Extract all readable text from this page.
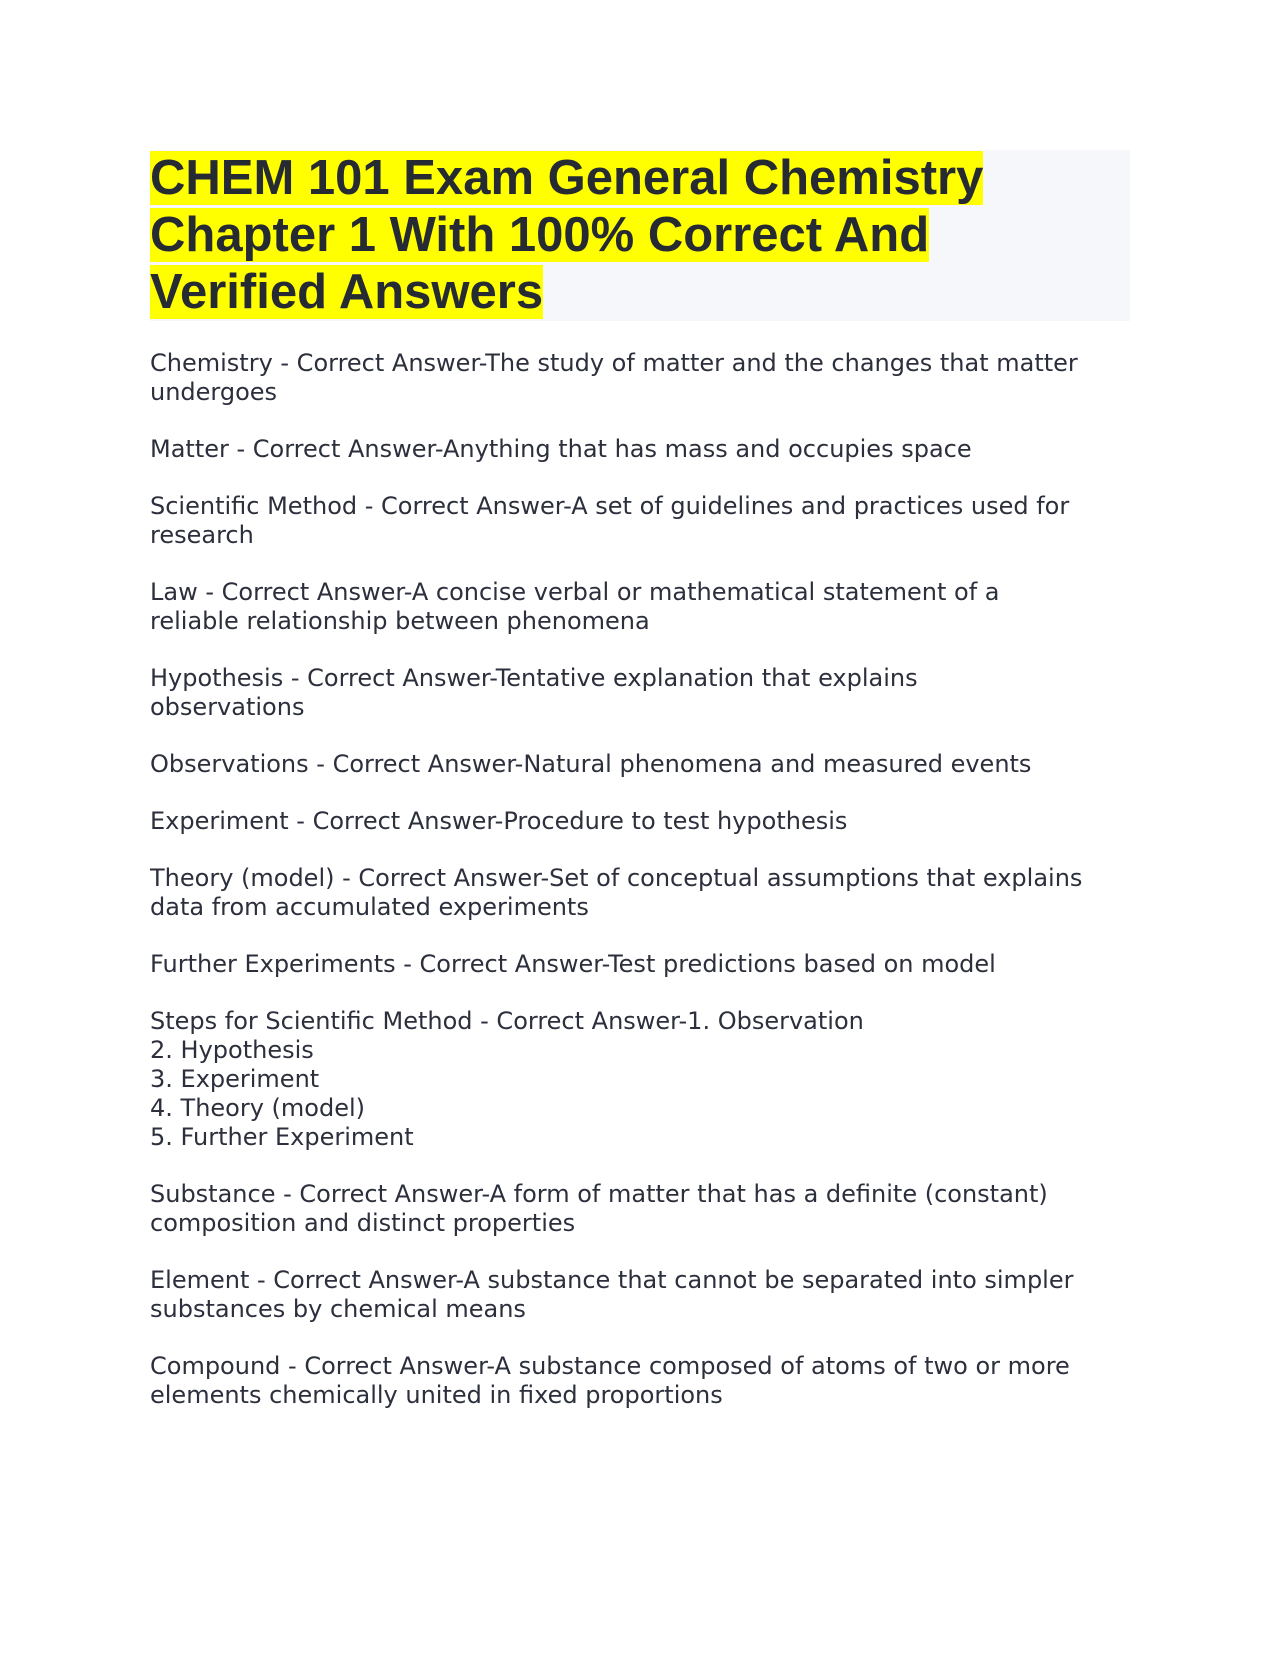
CHEM 101 Exam General Chemistry Chapter 1 With 100% Correct And Verified Answers

Chemistry - Correct Answer-The study of matter and the changes that matter
undergoes

Matter - Correct Answer-Anything that has mass and occupies space

Scientific Method - Correct Answer-A set of guidelines and practices used for
research

Law - Correct Answer-A concise verbal or mathematical statement of a
reliable relationship between phenomena

Hypothesis - Correct Answer-Tentative explanation that explains
observations

Observations - Correct Answer-Natural phenomena and measured events

Experiment - Correct Answer-Procedure to test hypothesis

Theory (model) - Correct Answer-Set of conceptual assumptions that explains
data from accumulated experiments

Further Experiments - Correct Answer-Test predictions based on model

Steps for Scientific Method - Correct Answer-1. Observation
2. Hypothesis
3. Experiment
4. Theory (model)
5. Further Experiment

Substance - Correct Answer-A form of matter that has a definite (constant)
composition and distinct properties

Element - Correct Answer-A substance that cannot be separated into simpler
substances by chemical means

Compound - Correct Answer-A substance composed of atoms of two or more
elements chemically united in fixed proportions
